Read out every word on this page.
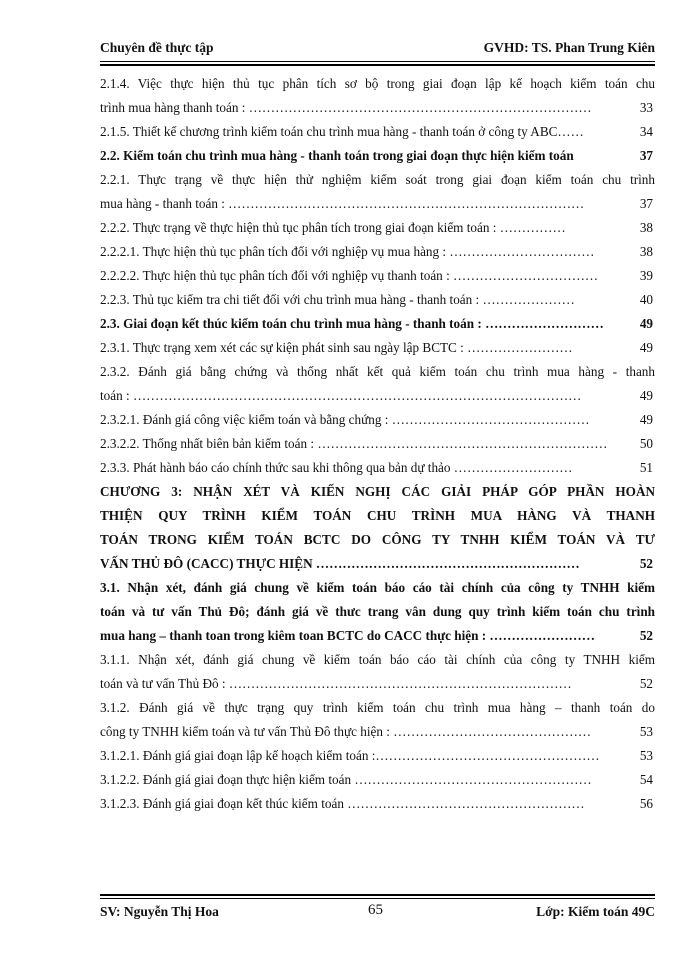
Chuyên đề thực tập	GVHD: TS. Phan Trung Kiên
2.1.4. Việc thực hiện thủ tục phân tích sơ bộ trong giai đoạn lập kế hoạch kiểm toán chu
trình mua hàng thanh toán : ……………………………………………………………………	33
2.1.5. Thiết kế chương trình kiểm toán chu trình mua hàng - thanh toán ở công ty ABC……	34
2.2. Kiểm toán chu trình mua hàng - thanh toán trong giai đoạn thực hiện kiểm toán	37
2.2.1. Thực trạng về thực hiện thử nghiệm kiểm soát trong giai đoạn kiểm toán chu trình
mua hàng - thanh toán : ………………………………………………………………………	37
2.2.2. Thực trạng về thực hiện thủ tục phân tích trong giai đoạn kiểm toán : ……………	38
2.2.2.1. Thực hiện thủ tục phân tích đối với nghiệp vụ mua hàng : ……………………………	38
2.2.2.2. Thực hiện thủ tục phân tích đối với nghiệp vụ thanh toán : ……………………………	39
2.2.3. Thủ tục kiểm tra chi tiết đối với chu trình mua hàng - thanh toán : …………………	40
2.3. Giai đoạn kết thúc kiểm toán chu trình mua hàng - thanh toán : ………………………	49
2.3.1. Thực trạng xem xét các sự kiện phát sinh sau ngày lập BCTC : ……………………	49
2.3.2. Đánh giá bằng chứng và thống nhất kết quả kiểm toán chu trình mua hàng - thanh
toán : …………………………………………………………………………………………	49
2.3.2.1. Đánh giá công việc kiểm toán và bằng chứng : ………………………………………	49
2.3.2.2. Thống nhất biên bản kiểm toán : ………………………………………………………… 50
2.3.3. Phát hành báo cáo chính thức sau khi thông qua bản dự thảo ………………………	51
CHƯƠNG 3: NHẬN XÉT VÀ KIẾN NGHỊ CÁC GIẢI PHÁP GÓP PHẦN HOÀN
THIỆN QUY TRÌNH KIỂM TOÁN CHU TRÌNH MUA HÀNG VÀ THANH
TOÁN TRONG KIỂM TOÁN BCTC DO CÔNG TY TNHH KIỂM TOÁN VÀ TƯ
VẤN THỦ ĐÔ (CACC) THỰC HIỆN ……………………………………………………	52
3.1. Nhận xét, đánh giá chung về kiểm toán báo cáo tài chính của công ty TNHH kiểm
toán và tư vấn Thủ Đô; đánh giá về thưc trang vân dung quy trình kiểm toán chu trình
mua hang – thanh toan trong kiêm toan BCTC do CACC thực hiện : ……………………	52
3.1.1. Nhận xét, đánh giá chung về kiểm toán báo cáo tài chính của công ty TNHH kiểm
toán và tư vấn Thủ Đô : ……………………………………………………………………	52
3.1.2. Đánh giá về thực trạng quy trình kiểm toán chu trình mua hàng – thanh toán do
công ty TNHH kiểm toán và tư vấn Thủ Đô thực hiện : ………………………………………	53
3.1.2.1. Đánh giá giai đoạn lập kế hoạch kiểm toán :……………………………………………	53
3.1.2.2. Đánh giá giai đoạn thực hiện kiểm toán ………………………………………………	54
3.1.2.3. Đánh giá giai đoạn kết thúc kiểm toán ………………………………………………	56
SV: Nguyễn Thị Hoa	65	Lớp: Kiểm toán 49C
